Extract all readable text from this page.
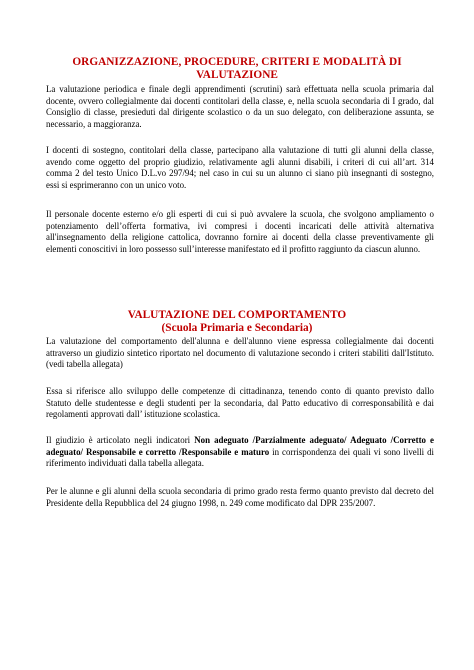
ORGANIZZAZIONE, PROCEDURE, CRITERI E MODALITÀ DI
VALUTAZIONE

La valutazione periodica e finale degli apprendimenti (scrutini) sarà effettuata nella scuola primaria dal docente, ovvero collegialmente dai docenti contitolari della classe, e, nella scuola secondaria di I grado, dal Consiglio di classe, presieduti dal dirigente scolastico o da un suo delegato, con deliberazione assunta, se necessario, a maggioranza.

I docenti di sostegno, contitolari della classe, partecipano alla valutazione di tutti gli alunni della classe, avendo come oggetto del proprio giudizio, relativamente agli alunni disabili, i criteri di cui all’art. 314 comma 2 del testo Unico D.L.vo 297/94; nel caso in cui su un alunno ci siano più insegnanti di sostegno, essi si esprimeranno con un unico voto.

Il personale docente esterno e/o gli esperti di cui si può avvalere la scuola, che svolgono ampliamento o potenziamento dell’offerta formativa, ivi compresi i docenti incaricati delle attività alternativa all'insegnamento della religione cattolica, dovranno fornire ai docenti della classe preventivamente gli elementi conoscitivi in loro possesso sull’interesse manifestato ed il profitto raggiunto da ciascun alunno.

VALUTAZIONE DEL COMPORTAMENTO
(Scuola Primaria e Secondaria)

La valutazione del comportamento dell'alunna e dell'alunno viene espressa collegialmente dai docenti attraverso un giudizio sintetico riportato nel documento di valutazione secondo i criteri stabiliti dall'Istituto. (vedi tabella allegata)

Essa si riferisce allo sviluppo delle competenze di cittadinanza, tenendo conto di quanto previsto dallo Statuto delle studentesse e degli studenti per la secondaria, dal Patto educativo di corresponsabilità e dai regolamenti approvati dall’ istituzione scolastica.

Il giudizio è articolato negli indicatori Non adeguato /Parzialmente adeguato/ Adeguato /Corretto e adeguato/ Responsabile e corretto /Responsabile e maturo in corrispondenza dei quali vi sono livelli di riferimento individuati dalla tabella allegata.

Per le alunne e gli alunni della scuola secondaria di primo grado resta fermo quanto previsto dal decreto del Presidente della Repubblica del 24 giugno 1998, n. 249 come modificato dal DPR 235/2007.
